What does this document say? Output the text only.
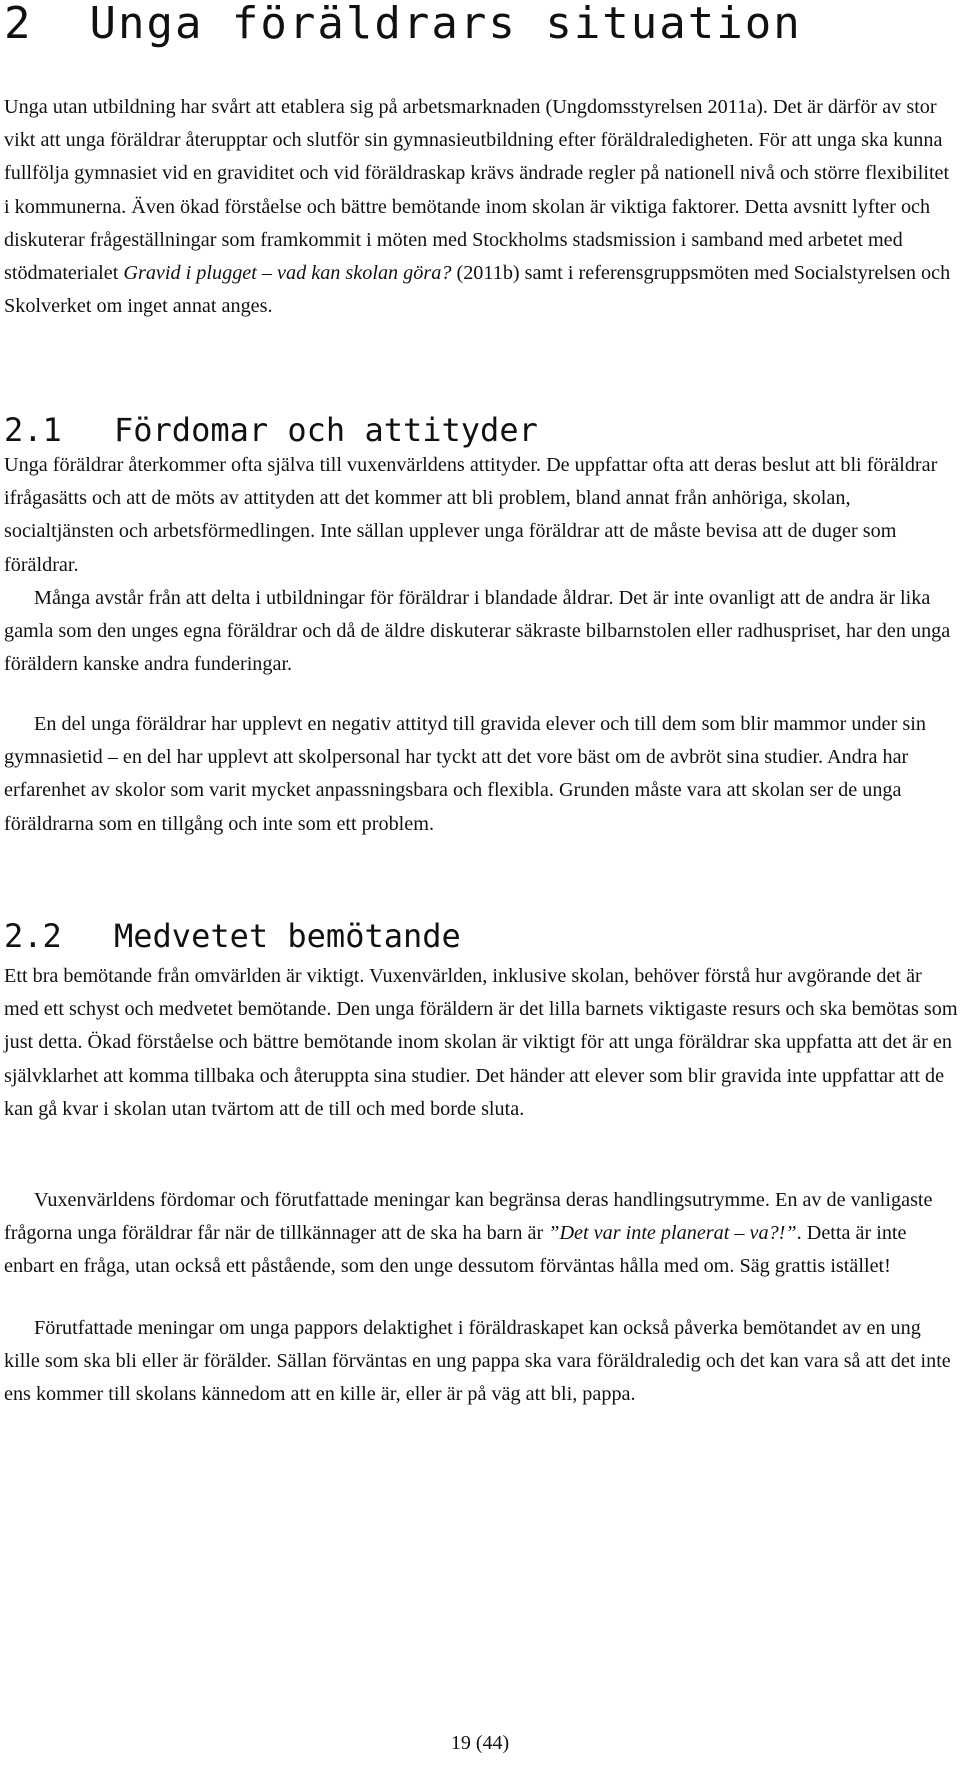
2 Unga föräldrars situation

Unga utan utbildning har svårt att etablera sig på arbetsmarknaden (Ungdomsstyrelsen 2011a). Det är därför av stor vikt att unga föräldrar återupptar och slutför sin gymnasieutbildning efter föräldraledigheten. För att unga ska kunna fullfölja gymnasiet vid en graviditet och vid föräldraskap krävs ändrade regler på nationell nivå och större flexibilitet i kommunerna. Även ökad förståelse och bättre bemötande inom skolan är viktiga faktorer. Detta avsnitt lyfter och diskuterar frågeställningar som framkommit i möten med Stockholms stadsmission i samband med arbetet med stödmaterialet Gravid i plugget – vad kan skolan göra? (2011b) samt i referensgruppsmöten med Socialstyrelsen och Skolverket om inget annat anges.

2.1 Fördomar och attityder

Unga föräldrar återkommer ofta själva till vuxenvärldens attityder. De uppfattar ofta att deras beslut att bli föräldrar ifrågasätts och att de möts av attityden att det kommer att bli problem, bland annat från anhöriga, skolan, socialtjänsten och arbetsförmedlingen. Inte sällan upplever unga föräldrar att de måste bevisa att de duger som föräldrar.

Många avstår från att delta i utbildningar för föräldrar i blandade åldrar. Det är inte ovanligt att de andra är lika gamla som den unges egna föräldrar och då de äldre diskuterar säkraste bilbarnstolen eller radhuspriset, har den unga föräldern kanske andra funderingar.

En del unga föräldrar har upplevt en negativ attityd till gravida elever och till dem som blir mammor under sin gymnasietid – en del har upplevt att skolpersonal har tyckt att det vore bäst om de avbröt sina studier. Andra har erfarenhet av skolor som varit mycket anpassningsbara och flexibla. Grunden måste vara att skolan ser de unga föräldrarna som en tillgång och inte som ett problem.

2.2 Medvetet bemötande

Ett bra bemötande från omvärlden är viktigt. Vuxenvärlden, inklusive skolan, behöver förstå hur avgörande det är med ett schyst och medvetet bemötande. Den unga föräldern är det lilla barnets viktigaste resurs och ska bemötas som just detta. Ökad förståelse och bättre bemötande inom skolan är viktigt för att unga föräldrar ska uppfatta att det är en självklarhet att komma tillbaka och återuppta sina studier. Det händer att elever som blir gravida inte uppfattar att de kan gå kvar i skolan utan tvärtom att de till och med borde sluta.

Vuxenvärldens fördomar och förutfattade meningar kan begränsa deras handlingsutrymme. En av de vanligaste frågorna unga föräldrar får när de tillkännager att de ska ha barn är ”Det var inte planerat – va?!”. Detta är inte enbart en fråga, utan också ett påstående, som den unge dessutom förväntas hålla med om. Säg grattis istället!

Förutfattade meningar om unga pappors delaktighet i föräldraskapet kan också påverka bemötandet av en ung kille som ska bli eller är förälder. Sällan förväntas en ung pappa ska vara föräldraledig och det kan vara så att det inte ens kommer till skolans kännedom att en kille är, eller är på väg att bli, pappa.

19 (44)
